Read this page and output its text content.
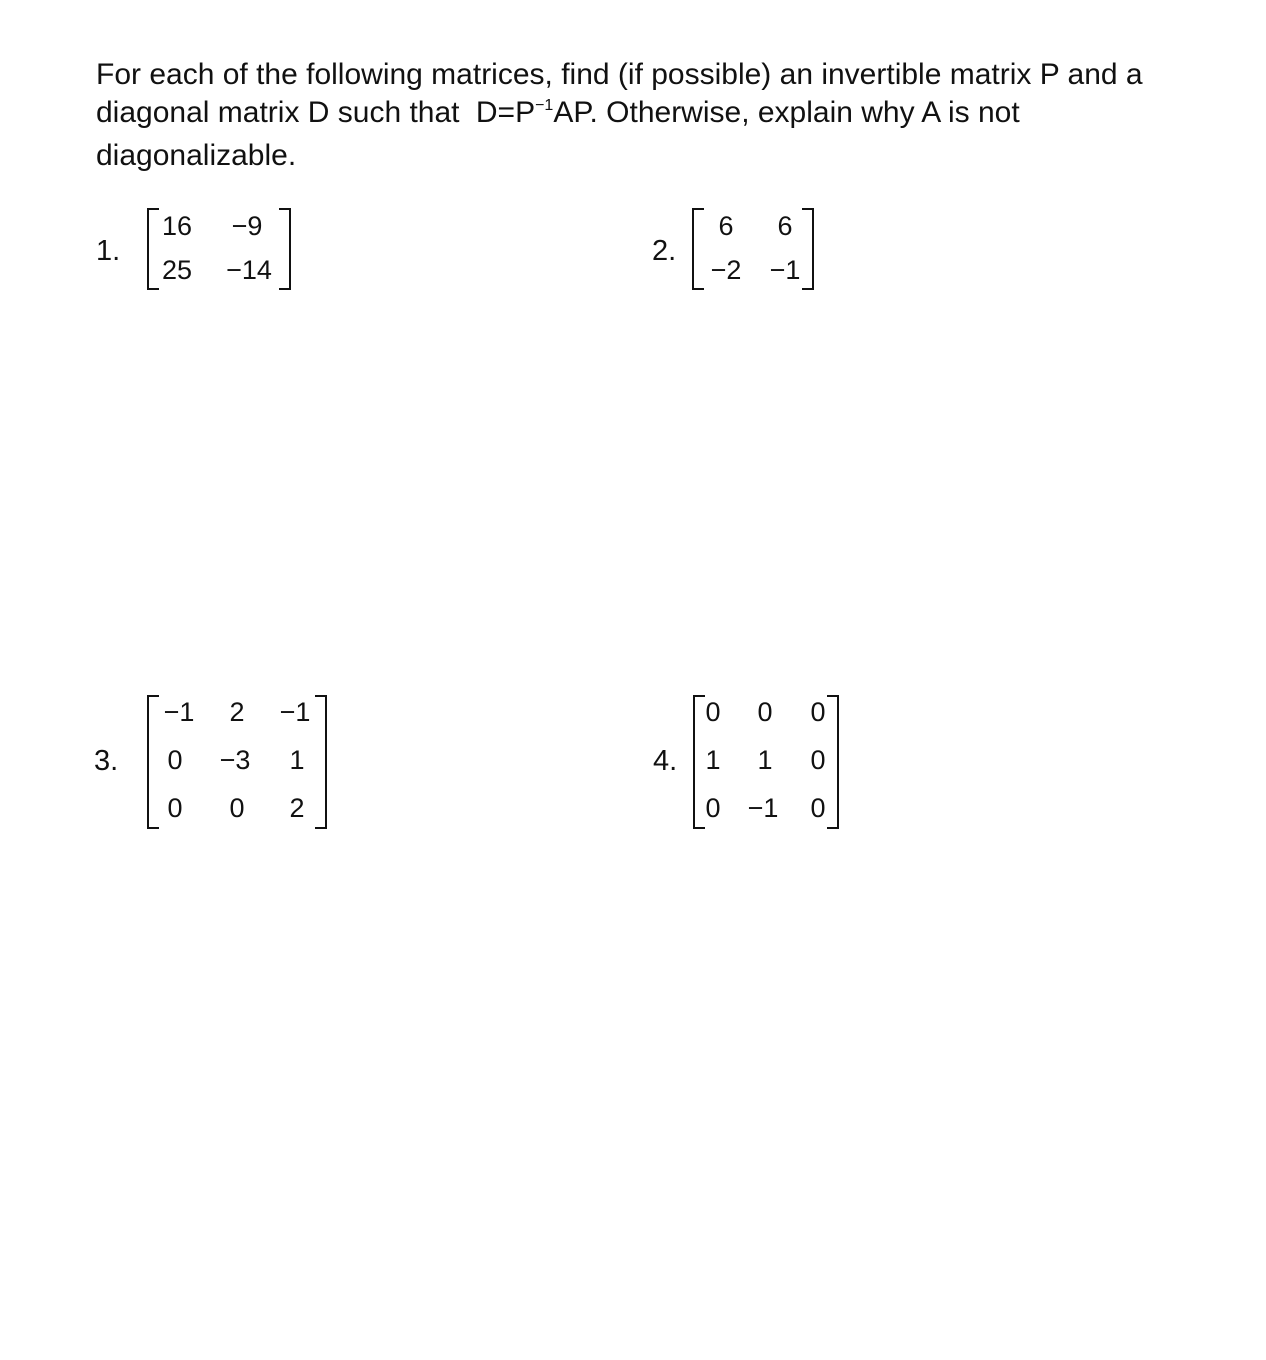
For each of the following matrices, find (if possible) an invertible matrix P and a
diagonal matrix D such that $D=P^{-1}AP$. Otherwise, explain why A is not
diagonalizable.
1.
16	−9
25	−14
2.
6	6
−2	−1
3.
−1	2	−1
0	−3	1
0	0	2
4.
0	0	0
1	1	0
0	−1	0
